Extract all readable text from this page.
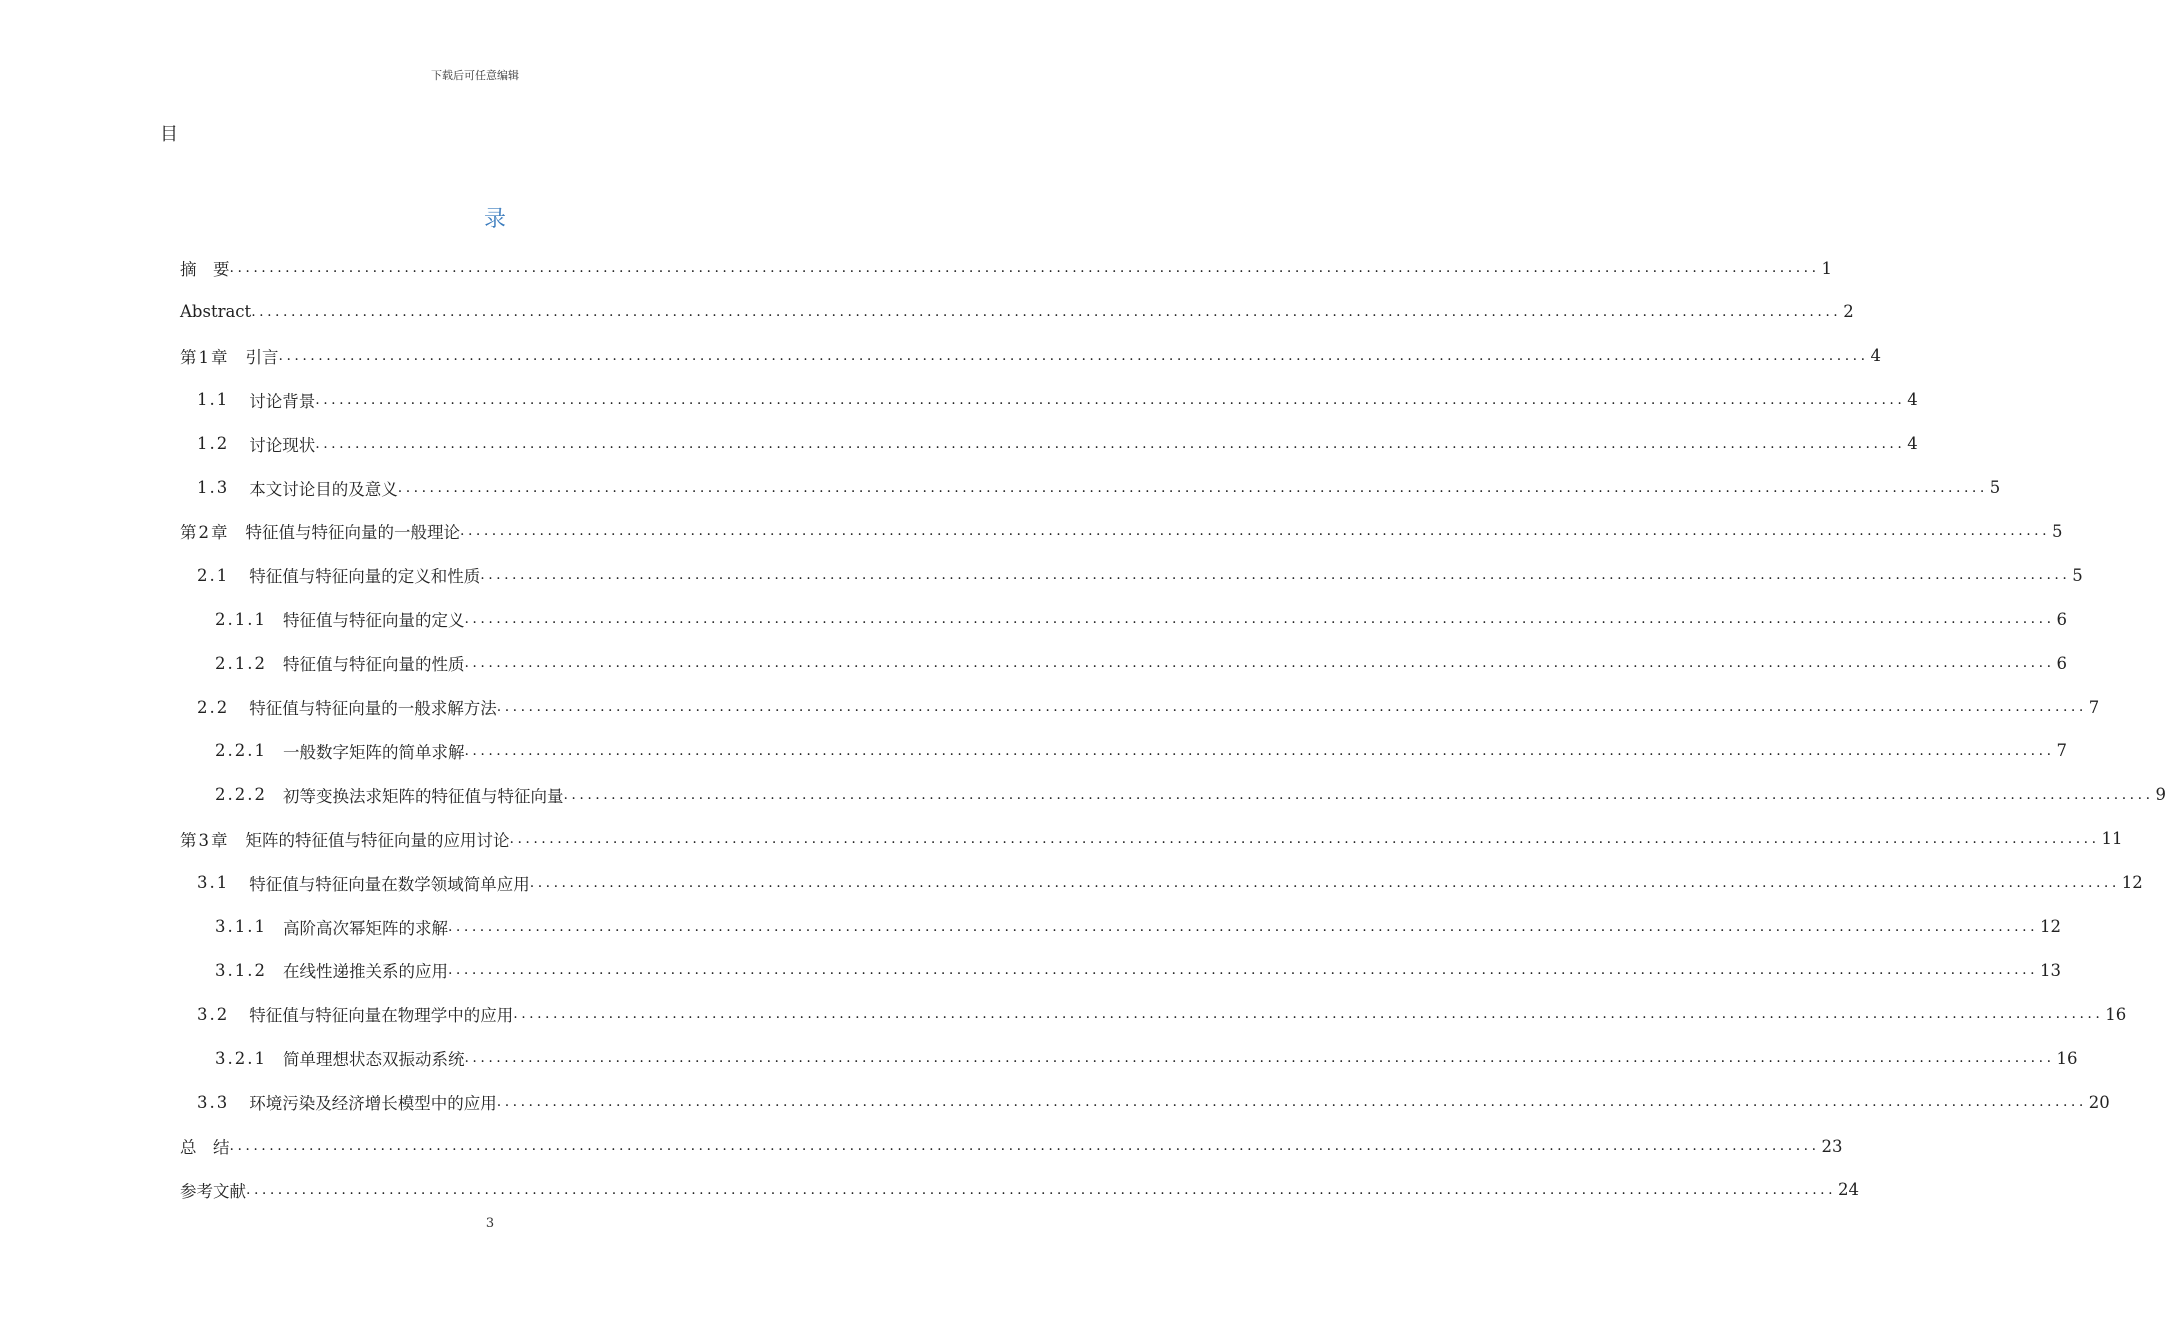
下载后可任意编辑
目
录
摘　要 ........................................................................................................................................................................................................ 1
Abstract ........................................................................................................................................................................................................ 2
第1章 引言 ........................................................................................................................................................................................................ 4
1.1 讨论背景 ........................................................................................................................................................................................................ 4
1.2 讨论现状 ........................................................................................................................................................................................................ 4
1.3 本文讨论目的及意义 ........................................................................................................................................................................................................ 5
第2章 特征值与特征向量的一般理论 ........................................................................................................................................................................................................ 5
2.1 特征值与特征向量的定义和性质 ........................................................................................................................................................................................................ 5
2.1.1 特征值与特征向量的定义 ........................................................................................................................................................................................................ 6
2.1.2 特征值与特征向量的性质 ........................................................................................................................................................................................................ 6
2.2 特征值与特征向量的一般求解方法 ........................................................................................................................................................................................................ 7
2.2.1 一般数字矩阵的简单求解 ........................................................................................................................................................................................................ 7
2.2.2 初等变换法求矩阵的特征值与特征向量 ........................................................................................................................................................................................................ 9
第3章 矩阵的特征值与特征向量的应用讨论 ........................................................................................................................................................................................................ 11
3.1 特征值与特征向量在数学领域简单应用 ........................................................................................................................................................................................................ 12
3.1.1 高阶高次幂矩阵的求解 ........................................................................................................................................................................................................ 12
3.1.2 在线性递推关系的应用 ........................................................................................................................................................................................................ 13
3.2 特征值与特征向量在物理学中的应用 ........................................................................................................................................................................................................ 16
3.2.1 简单理想状态双振动系统 ........................................................................................................................................................................................................ 16
3.3 环境污染及经济增长模型中的应用 ........................................................................................................................................................................................................ 20
总　结 ........................................................................................................................................................................................................ 23
参考文献 ........................................................................................................................................................................................................ 24
3
